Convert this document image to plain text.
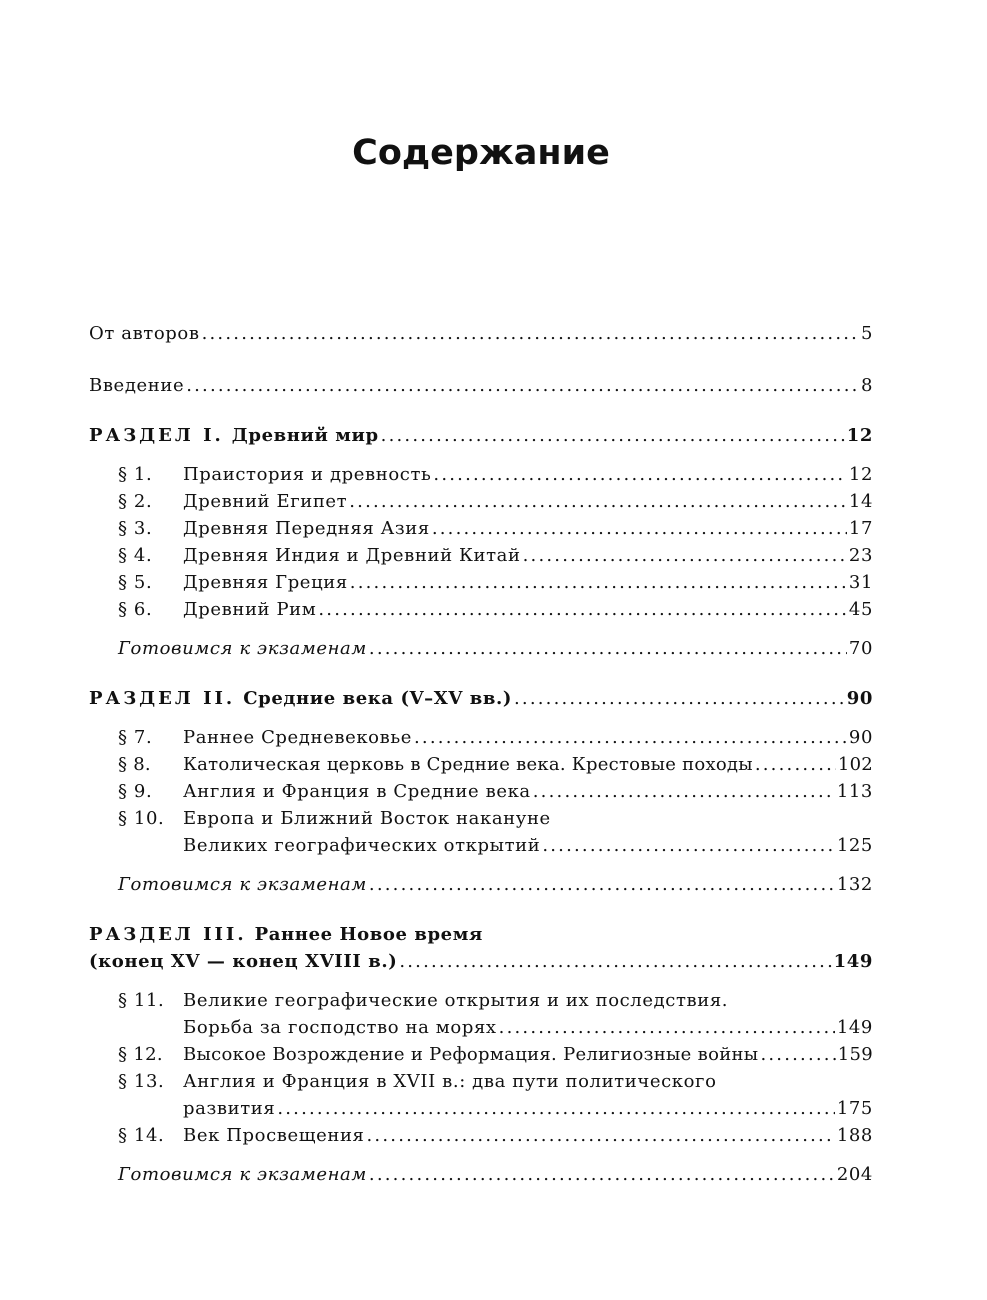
Содержание
От авторов .....	5
Введение .....	8
РАЗДЕЛ I. Древний мир .....	12
§ 1.	Праистория и древность .....	12
§ 2.	Древний Египет .....	14
§ 3.	Древняя Передняя Азия .....	17
§ 4.	Древняя Индия и Древний Китай .....	23
§ 5.	Древняя Греция .....	31
§ 6.	Древний Рим .....	45
Готовимся к экзаменам .....	70
РАЗДЕЛ II. Средние века (V–XV вв.) .....	90
§ 7.	Раннее Средневековье .....	90
§ 8.	Католическая церковь в Средние века. Крестовые походы .....	102
§ 9.	Англия и Франция в Средние века .....	113
§ 10.	Европа и Ближний Восток накануне
Великих географических открытий .....	125
Готовимся к экзаменам .....	132
РАЗДЕЛ III. Раннее Новое время
(конец XV — конец XVIII в.) .....	149
§ 11.	Великие географические открытия и их последствия.
Борьба за господство на морях .....	149
§ 12.	Высокое Возрождение и Реформация. Религиозные войны .....	159
§ 13.	Англия и Франция в XVII в.: два пути политического
развития .....	175
§ 14.	Век Просвещения .....	188
Готовимся к экзаменам .....	204
